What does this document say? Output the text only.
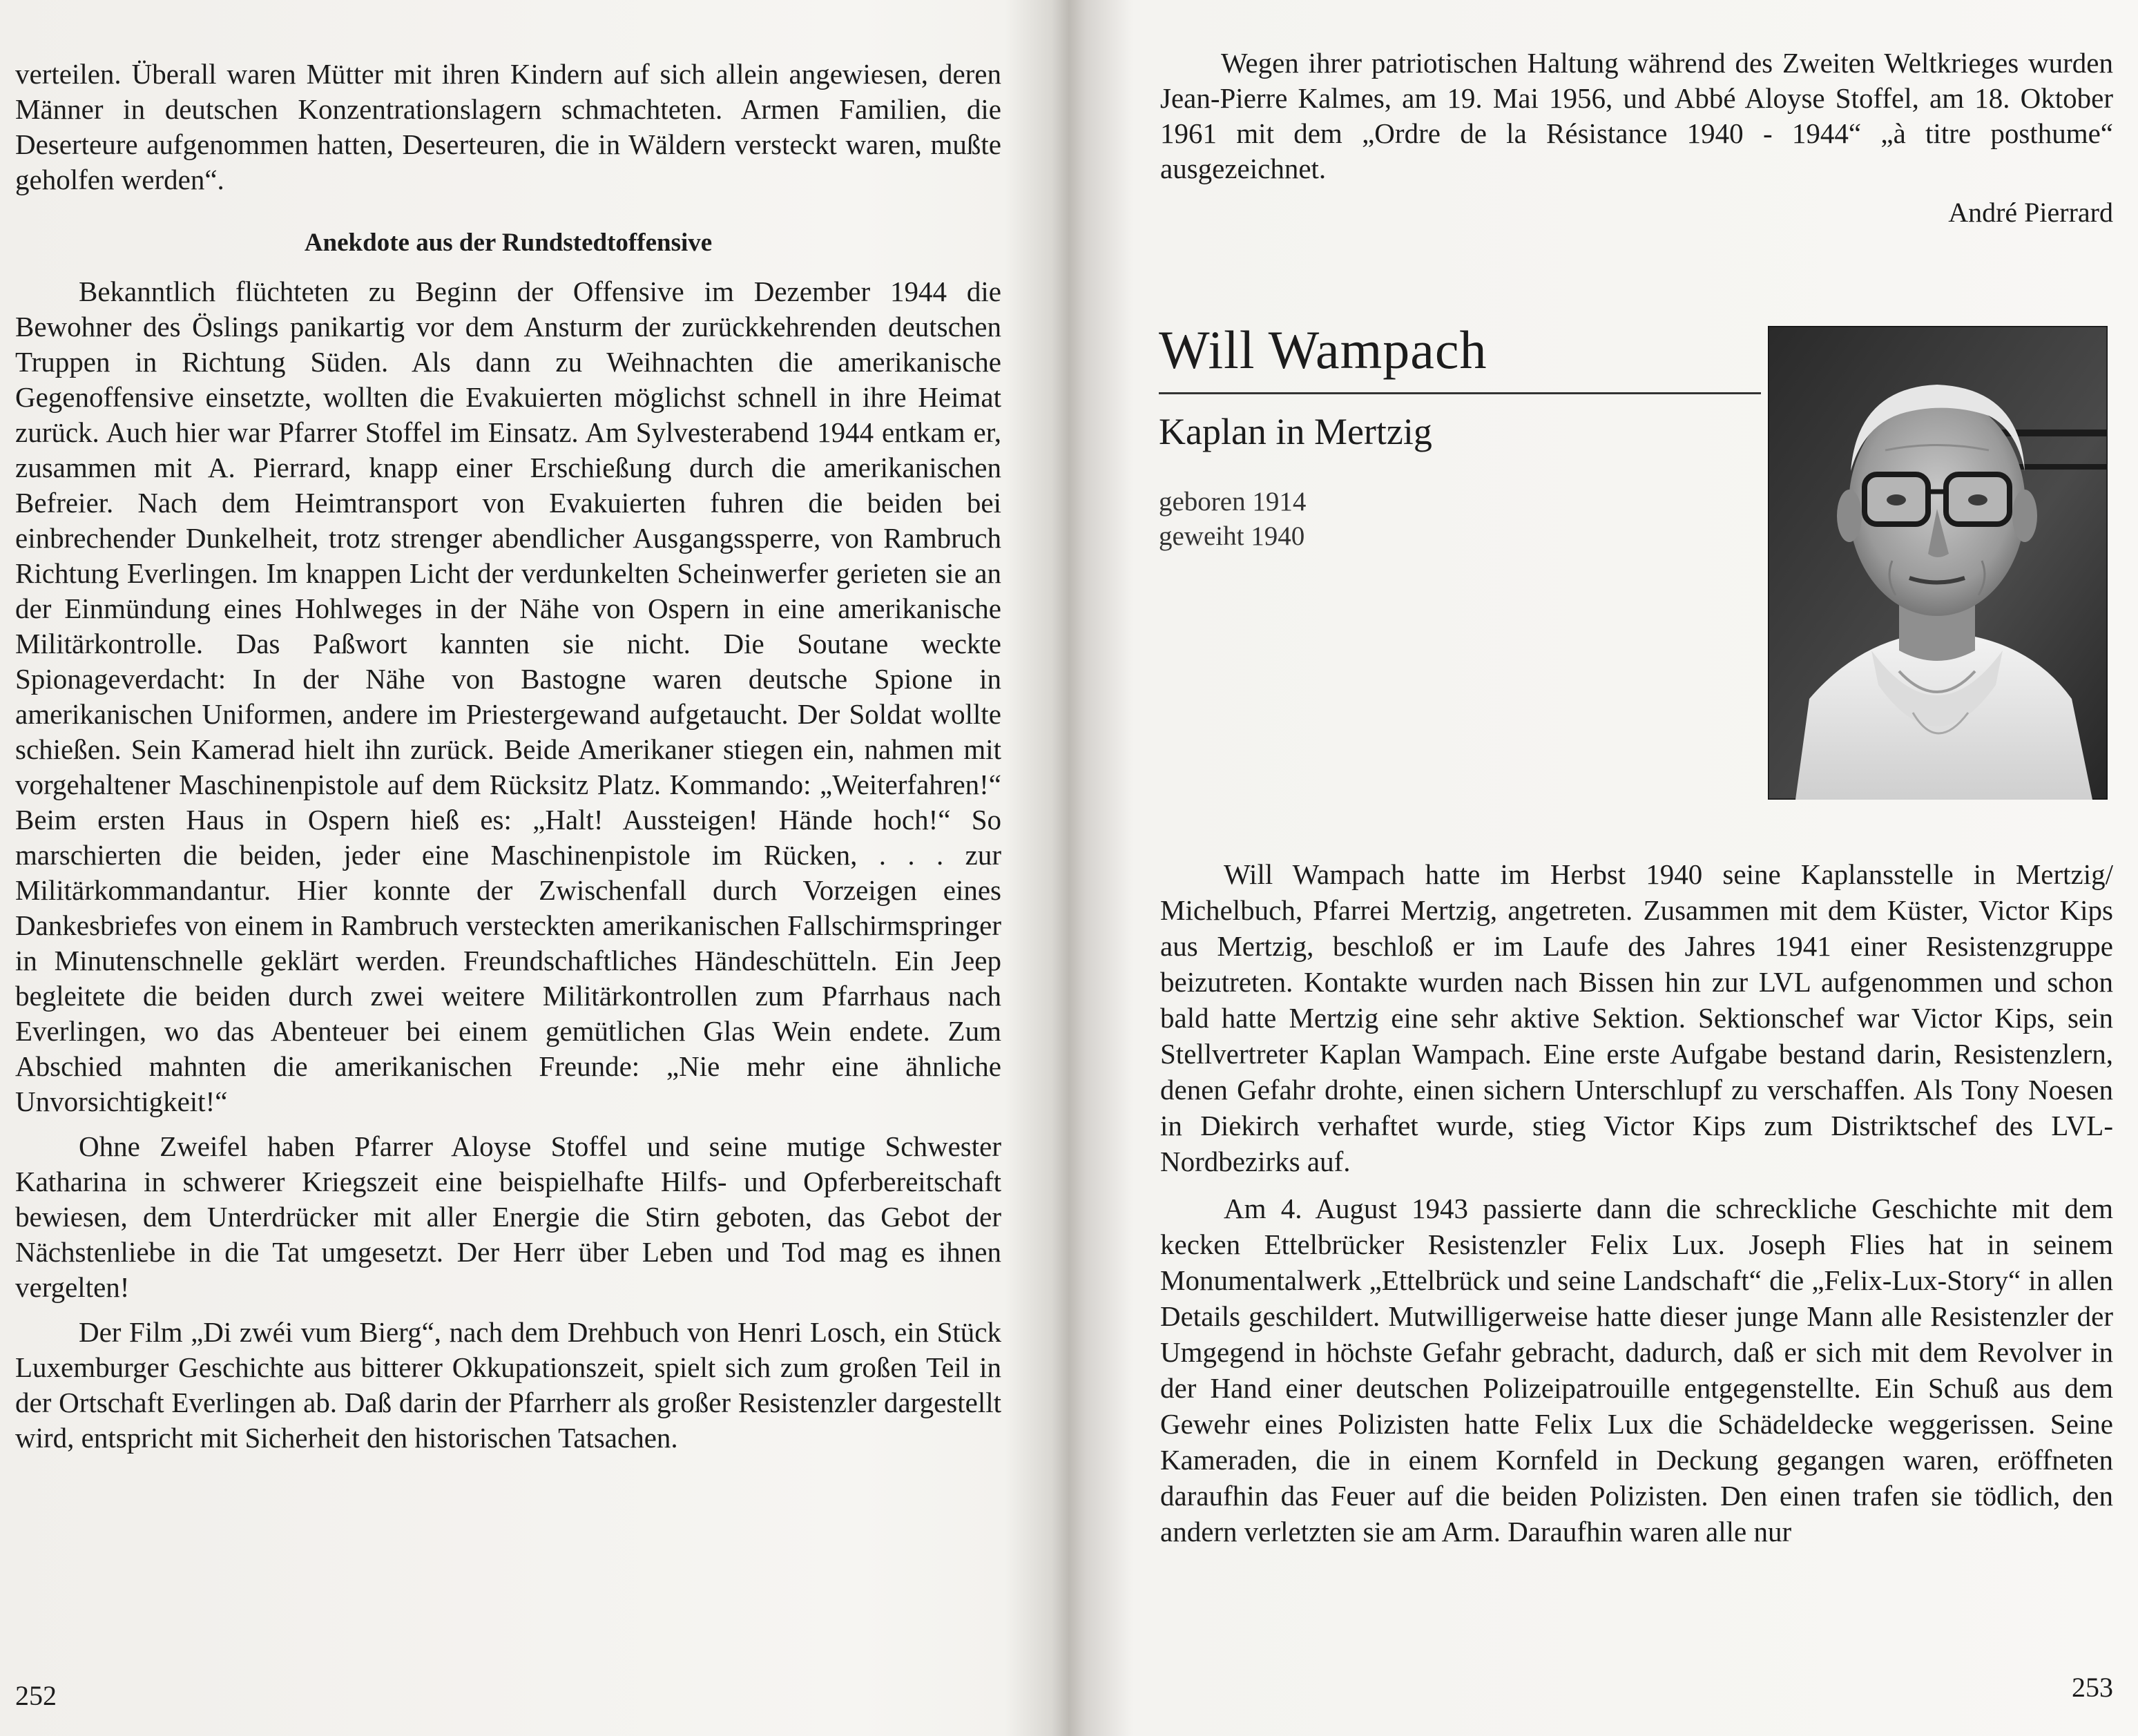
verteilen. Überall waren Mütter mit ihren Kindern auf sich allein angewiesen, deren Männer in deutschen Konzentrationslagern schmachteten. Armen Familien, die Deserteure aufgenommen hatten, Deserteuren, die in Wäldern versteckt waren, mußte geholfen werden“.

Anekdote aus der Rundstedtoffensive

Bekanntlich flüchteten zu Beginn der Offensive im Dezember 1944 die Bewohner des Öslings panikartig vor dem Ansturm der zurückkehrenden deutschen Truppen in Richtung Süden. Als dann zu Weihnachten die amerikanische Gegenoffensive einsetzte, wollten die Evakuierten möglichst schnell in ihre Heimat zurück. Auch hier war Pfarrer Stoffel im Einsatz. Am Sylvesterabend 1944 entkam er, zusammen mit A. Pierrard, knapp einer Erschießung durch die amerikanischen Befreier. Nach dem Heimtransport von Evakuierten fuhren die beiden bei einbrechender Dunkelheit, trotz strenger abendlicher Ausgangssperre, von Rambruch Richtung Everlingen. Im knappen Licht der verdunkelten Scheinwerfer gerieten sie an der Einmündung eines Hohlweges in der Nähe von Ospern in eine amerikanische Militärkontrolle. Das Paßwort kannten sie nicht. Die Soutane weckte Spionageverdacht: In der Nähe von Bastogne waren deutsche Spione in amerikanischen Uniformen, andere im Priestergewand aufgetaucht. Der Soldat wollte schießen. Sein Kamerad hielt ihn zurück. Beide Amerikaner stiegen ein, nahmen mit vorgehaltener Maschinenpistole auf dem Rücksitz Platz. Kommando: „Weiterfahren!“ Beim ersten Haus in Ospern hieß es: „Halt! Aussteigen! Hände hoch!“ So marschierten die beiden, jeder eine Maschinenpistole im Rücken, . . . zur Militärkommandantur. Hier konnte der Zwischenfall durch Vorzeigen eines Dankesbriefes von einem in Rambruch versteckten amerikanischen Fallschirmspringer in Minutenschnelle geklärt werden. Freundschaftliches Händeschütteln. Ein Jeep begleitete die beiden durch zwei weitere Militärkontrollen zum Pfarrhaus nach Everlingen, wo das Abenteuer bei einem gemütlichen Glas Wein endete. Zum Abschied mahnten die amerikanischen Freunde: „Nie mehr eine ähnliche Unvorsichtigkeit!“

Ohne Zweifel haben Pfarrer Aloyse Stoffel und seine mutige Schwester Katharina in schwerer Kriegszeit eine beispielhafte Hilfs- und Opferbereitschaft bewiesen, dem Unterdrücker mit aller Energie die Stirn geboten, das Gebot der Nächstenliebe in die Tat umgesetzt. Der Herr über Leben und Tod mag es ihnen vergelten!

Der Film „Di zwéi vum Bierg“, nach dem Drehbuch von Henri Losch, ein Stück Luxemburger Geschichte aus bitterer Okkupationszeit, spielt sich zum großen Teil in der Ortschaft Everlingen ab. Daß darin der Pfarrherr als großer Resistenzler dargestellt wird, entspricht mit Sicherheit den historischen Tatsachen.

252

Wegen ihrer patriotischen Haltung während des Zweiten Weltkrieges wurden Jean-Pierre Kalmes, am 19. Mai 1956, und Abbé Aloyse Stoffel, am 18. Oktober 1961 mit dem „Ordre de la Résistance 1940 - 1944“ „à titre posthume“ ausgezeichnet.

André Pierrard
Will Wampach
Kaplan in Mertzig
geboren 1914
geweiht 1940

Will Wampach hatte im Herbst 1940 seine Kaplansstelle in Mertzig/ Michelbuch, Pfarrei Mertzig, angetreten. Zusammen mit dem Küster, Victor Kips aus Mertzig, beschloß er im Laufe des Jahres 1941 einer Resistenzgruppe beizutreten. Kontakte wurden nach Bissen hin zur LVL aufgenommen und schon bald hatte Mertzig eine sehr aktive Sektion. Sektionschef war Victor Kips, sein Stellvertreter Kaplan Wampach. Eine erste Aufgabe bestand darin, Resistenzlern, denen Gefahr drohte, einen sichern Unterschlupf zu verschaffen. Als Tony Noesen in Diekirch verhaftet wurde, stieg Victor Kips zum Distriktschef des LVL-Nordbezirks auf.

Am 4. August 1943 passierte dann die schreckliche Geschichte mit dem kecken Ettelbrücker Resistenzler Felix Lux. Joseph Flies hat in seinem Monumentalwerk „Ettelbrück und seine Landschaft“ die „Felix-Lux-Story“ in allen Details geschildert. Mutwilligerweise hatte dieser junge Mann alle Resistenzler der Umgegend in höchste Gefahr gebracht, dadurch, daß er sich mit dem Revolver in der Hand einer deutschen Polizeipatrouille entgegenstellte. Ein Schuß aus dem Gewehr eines Polizisten hatte Felix Lux die Schädeldecke weggerissen. Seine Kameraden, die in einem Kornfeld in Deckung gegangen waren, eröffneten daraufhin das Feuer auf die beiden Polizisten. Den einen trafen sie tödlich, den andern verletzten sie am Arm. Daraufhin waren alle nur

253
